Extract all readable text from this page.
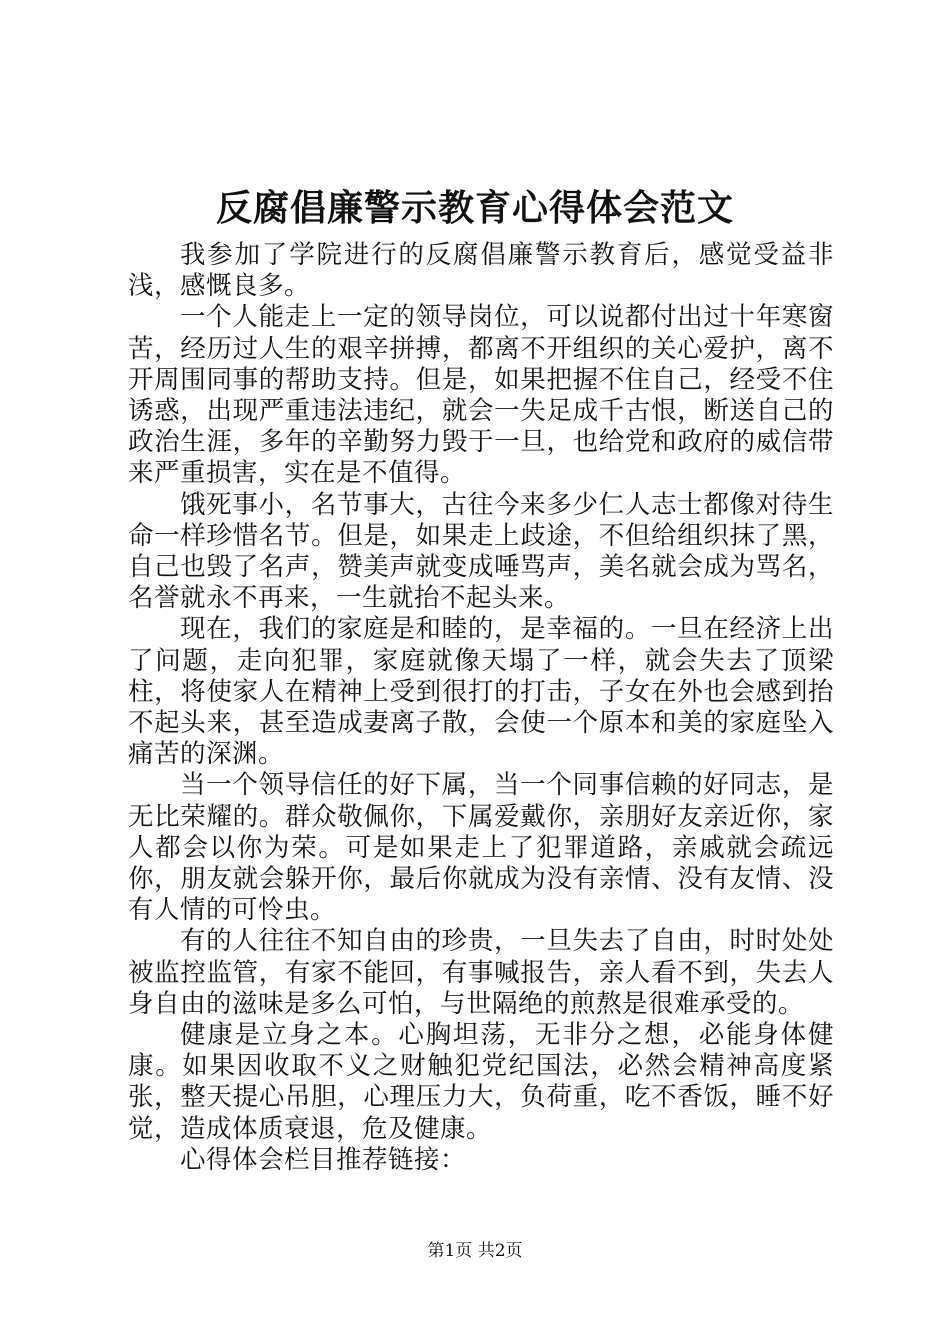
反腐倡廉警示教育心得体会范文

我参加了学院进行的反腐倡廉警示教育后，感觉受益非浅，感慨良多。

一个人能走上一定的领导岗位，可以说都付出过十年寒窗苦，经历过人生的艰辛拼搏，都离不开组织的关心爱护，离不开周围同事的帮助支持。但是，如果把握不住自己，经受不住诱惑，出现严重违法违纪，就会一失足成千古恨，断送自己的政治生涯，多年的辛勤努力毁于一旦，也给党和政府的威信带来严重损害，实在是不值得。

饿死事小，名节事大，古往今来多少仁人志士都像对待生命一样珍惜名节。但是，如果走上歧途，不但给组织抹了黑，自己也毁了名声，赞美声就变成唾骂声，美名就会成为骂名，名誉就永不再来，一生就抬不起头来。

现在，我们的家庭是和睦的，是幸福的。一旦在经济上出了问题，走向犯罪，家庭就像天塌了一样，就会失去了顶梁柱，将使家人在精神上受到很打的打击，子女在外也会感到抬不起头来，甚至造成妻离子散，会使一个原本和美的家庭坠入痛苦的深渊。

当一个领导信任的好下属，当一个同事信赖的好同志，是无比荣耀的。群众敬佩你，下属爱戴你，亲朋好友亲近你，家人都会以你为荣。可是如果走上了犯罪道路，亲戚就会疏远你，朋友就会躲开你，最后你就成为没有亲情、没有友情、没有人情的可怜虫。

有的人往往不知自由的珍贵，一旦失去了自由，时时处处被监控监管，有家不能回，有事喊报告，亲人看不到，失去人身自由的滋味是多么可怕，与世隔绝的煎熬是很难承受的。

健康是立身之本。心胸坦荡，无非分之想，必能身体健康。如果因收取不义之财触犯党纪国法，必然会精神高度紧张，整天提心吊胆，心理压力大，负荷重，吃不香饭，睡不好觉，造成体质衰退，危及健康。

心得体会栏目推荐链接：

第1页 共2页
